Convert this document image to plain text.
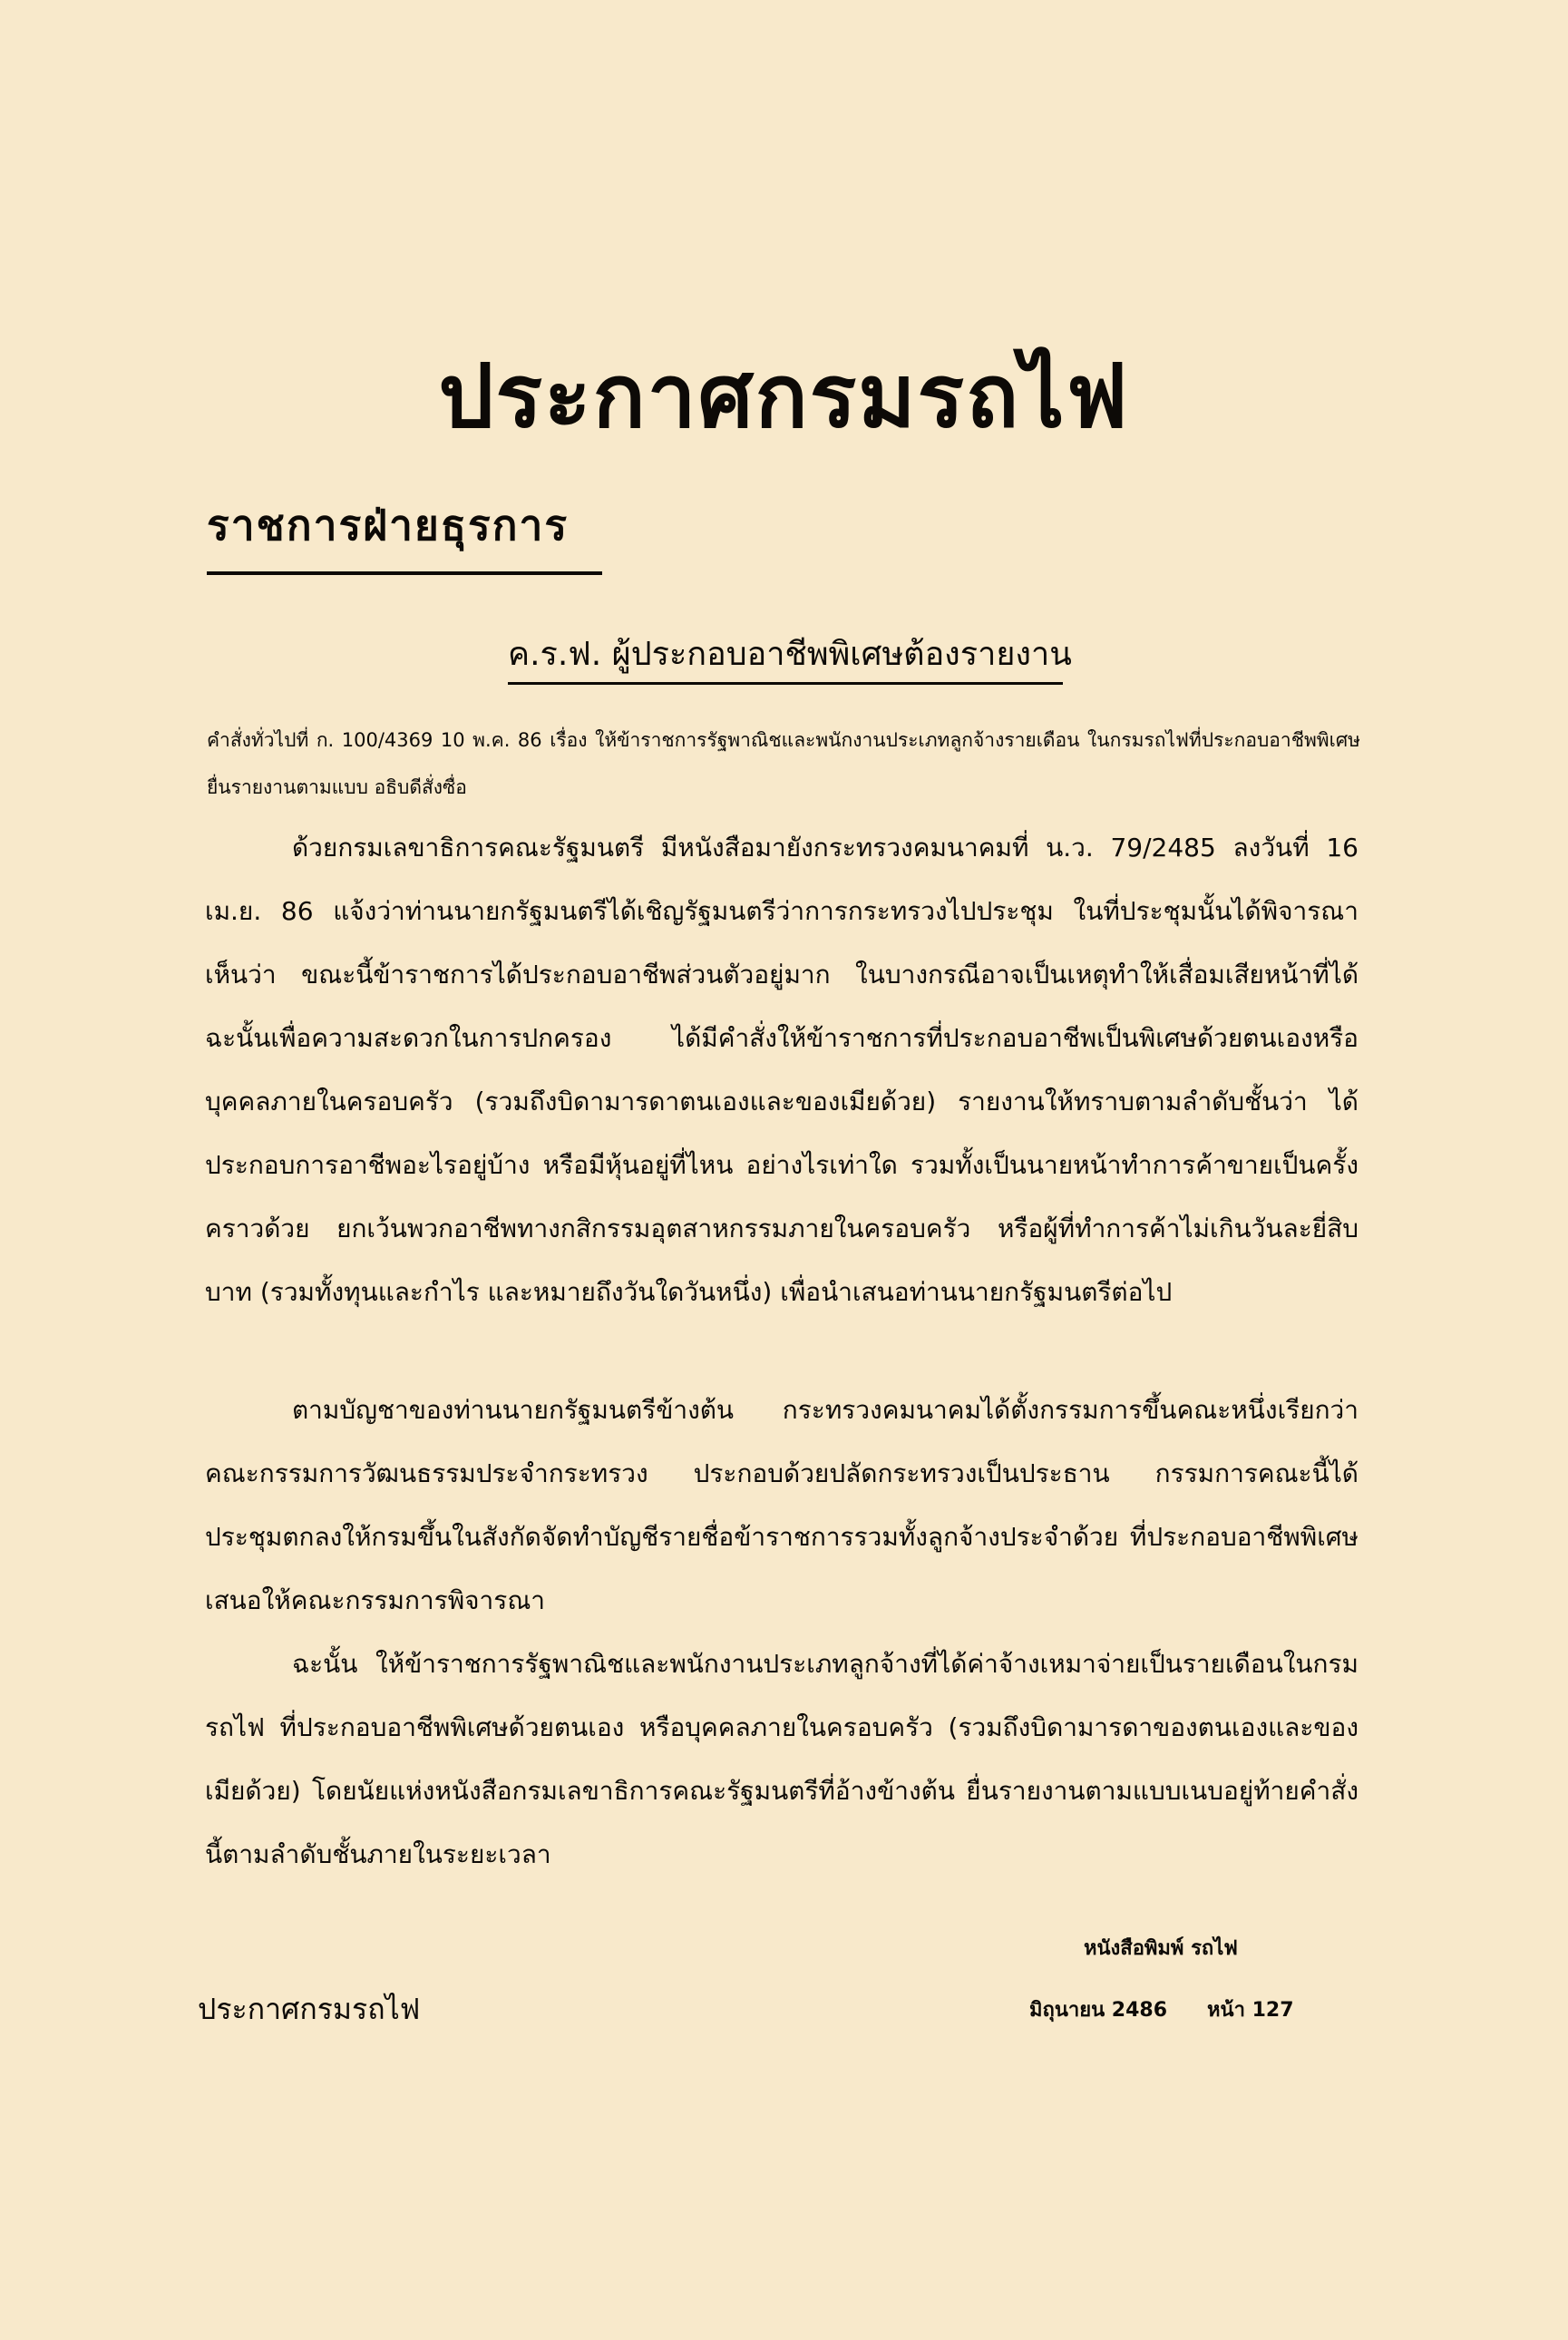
ประกาศกรมรถไฟ
ราชการฝ่ายธุรการ
ค.ร.ฟ. ผู้ประกอบอาชีพพิเศษต้องรายงาน
คำสั่งทั่วไปที่ ก. 100/4369 10 พ.ค. 86 เรื่อง ให้ข้าราชการรัฐพาณิชและพนักงานประเภทลูกจ้างรายเดือน ในกรมรถไฟที่ประกอบอาชีพพิเศษ ยื่นรายงานตามแบบ อธิบดีสั่งซื่อ
ด้วยกรมเลขาธิการคณะรัฐมนตรี มีหนังสือมายังกระทรวงคมนาคมที่ น.ว. 79/2485 ลงวันที่ 16 เม.ย. 86 แจ้งว่าท่านนายกรัฐมนตรีได้เชิญรัฐมนตรีว่าการกระทรวงไปประชุม ในที่ประชุมนั้นได้พิจารณาเห็นว่า ขณะนี้ข้าราชการได้ประกอบอาชีพส่วนตัวอยู่มาก ในบางกรณีอาจเป็นเหตุทำให้เสื่อมเสียหน้าที่ได้ ฉะนั้นเพื่อความสะดวกในการปกครอง ได้มีคำสั่งให้ข้าราชการที่ประกอบอาชีพเป็นพิเศษด้วยตนเองหรือบุคคลภายในครอบครัว (รวมถึงบิดามารดาตนเองและของเมียด้วย) รายงานให้ทราบตามลำดับชั้นว่า ได้ประกอบการอาชีพอะไรอยู่บ้าง หรือมีหุ้นอยู่ที่ไหน อย่างไรเท่าใด รวมทั้งเป็นนายหน้าทำการค้าขายเป็นครั้งคราวด้วย ยกเว้นพวกอาชีพทางกสิกรรมอุตสาหกรรมภายในครอบครัว หรือผู้ที่ทำการค้าไม่เกินวันละยี่สิบบาท (รวมทั้งทุนและกำไร และหมายถึงวันใดวันหนึ่ง) เพื่อนำเสนอท่านนายกรัฐมนตรีต่อไป
ตามบัญชาของท่านนายกรัฐมนตรีข้างต้น กระทรวงคมนาคมได้ตั้งกรรมการขึ้นคณะหนึ่งเรียกว่า คณะกรรมการวัฒนธรรมประจำกระทรวง ประกอบด้วยปลัดกระทรวงเป็นประธาน กรรมการคณะนี้ได้ประชุมตกลงให้กรมขึ้นในสังกัดจัดทำบัญชีรายชื่อข้าราชการรวมทั้งลูกจ้างประจำด้วย ที่ประกอบอาชีพพิเศษ เสนอให้คณะกรรมการพิจารณา
ฉะนั้น ให้ข้าราชการรัฐพาณิชและพนักงานประเภทลูกจ้างที่ได้ค่าจ้างเหมาจ่ายเป็นรายเดือนในกรมรถไฟ ที่ประกอบอาชีพพิเศษด้วยตนเอง หรือบุคคลภายในครอบครัว (รวมถึงบิดามารดาของตนเองและของเมียด้วย) โดยนัยแห่งหนังสือกรมเลขาธิการคณะรัฐมนตรีที่อ้างข้างต้น ยื่นรายงานตามแบบเนบอยู่ท้ายคำสั่งนี้ตามลำดับชั้นภายในระยะเวลา
หนังสือพิมพ์ รถไฟ
ประกาศกรมรถไฟ	มิถุนายน 2486 หน้า 127
